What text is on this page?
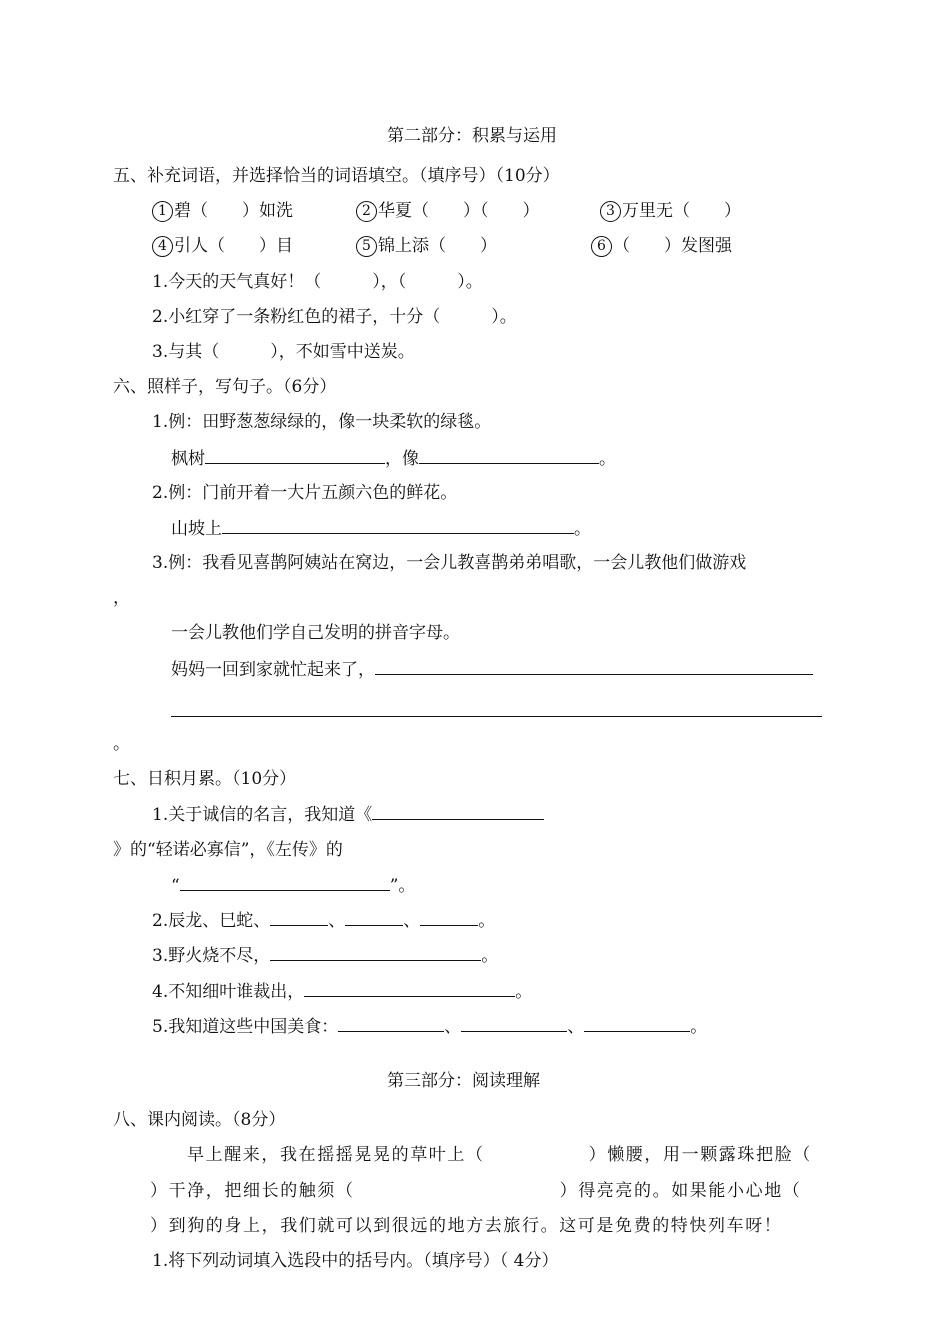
第二部分：积累与运用
五、补充词语，并选择恰当的词语填空。（填序号）（10分）
1 碧（　　）如洗	2 华夏（　　）（　　）	3 万里无（　　）
4 引人（　　）目	5 锦上添（　　）	6 （　　）发图强
1.今天的天气真好！（　　　），（　　　）。
2.小红穿了一条粉红色的裙子，十分（　　　）。
3.与其（　　　），不如雪中送炭。
六、照样子，写句子。（6分）
1.例：田野葱葱绿绿的，像一块柔软的绿毯。
枫树	，像	。
2.例：门前开着一大片五颜六色的鲜花。
山坡上	。
3.例：我看见喜鹊阿姨站在窝边，一会儿教喜鹊弟弟唱歌，一会儿教他们做游戏
，
一会儿教他们学自己发明的拼音字母。
妈妈一回到家就忙起来了，
。
七、日积月累。（10分）
1.关于诚信的名言，我知道《
》的“轻诺必寡信”，《左传》的
“	”。
2.辰龙、巳蛇、	、	、	。
3.野火烧不尽，	。
4.不知细叶谁裁出，	。
5.我知道这些中国美食：	、	、	。
第三部分：阅读理解
八、课内阅读。（8分）
早上醒来，我在摇摇晃晃的草叶上（	）懒腰，用一颗露珠把脸（
）干净，把细长的触须（	）得亮亮的。如果能小心地（
）到狗的身上，我们就可以到很远的地方去旅行。这可是免费的特快列车呀！
1.将下列动词填入选段中的括号内。（填序号）（ 4分）
